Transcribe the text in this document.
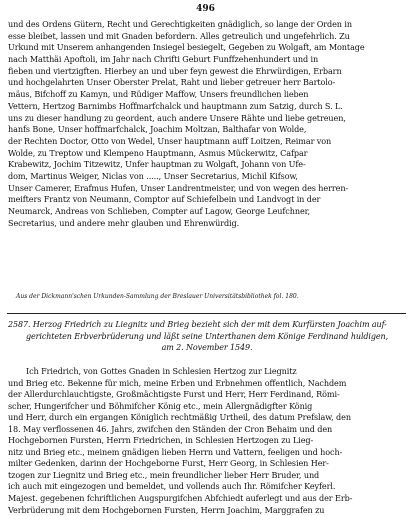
496
und des Ordens Gütern, Recht und Gerechtigkeiten gnädiglich, so lange der Orden in
esse bleibet, lassen und mit Gnaden befordern. Alles getreulich und ungefehrlich. Zu
Urkund mit Unserem anhangenden Insiegel besiegelt, Gegeben zu Wolgaft, am Montage
nach Matthäi Apoftoli, im Jahr nach Chrifti Geburt Funffzehenhundert und in
fieben und viertzigften. Hierbey an und uber feyn gewest die Ehrwürdigen, Erbarn
und hochgelahrten Unser Oberster Prelat, Raht und lieber getreuer herr Bartolo-
mäus, Bifchoff zu Kamyn, und Rüdiger Maffow, Unsers freundlichen lieben
Vettern, Hertzog Barnimbs Hoffmarfchalck und hauptmann zum Satzig, durch S. L.
uns zu dieser handlung zu geordent, auch andere Unsere Rähte und liebe getreuen,
hanfs Bone, Unser hoffmarfchalck, Joachim Moltzan, Balthafar von Wolde,
der Rechten Doctor, Otto von Wedel, Unser hauptmann auff Loitzen, Reimar von
Wolde, zu Treptow und Klempeno Hauptmann, Asmus Mückerwitz, Cafpar
Krabewitz, Jochim Titzewitz, Unfer hauptman zu Wolgaft, Johann von Ufe-
dom, Martinus Weiger, Niclas von ....., Unser Secretarius, Michil Kifsow,
Unser Camerer, Erafmus Hufen, Unser Landrentmeister, und von wegen des herren-
meifters Frantz von Neumann, Comptor auf Schiefelbein und Landvogt in der
Neumarck, Andreas von Schlieben, Compter auf Lagow, George Leufchner,
Secretarius, und andere mehr glauben und Ehrenwürdig.
Aus der Dickmann'schen Urkunden-Sammlung der Breslauer Universitätsbibliothek fol. 180.
2587. Herzog Friedrich zu Liegnitz und Brieg bezieht sich der mit dem Kurfürsten Joachim auf-
gerichteten Erbverbrüderung und läßt seine Unterthanen dem Könige Ferdinand huldigen,
am 2. November 1549.
Ich Friedrich, von Gottes Gnaden in Schlesien Hertzog zur Liegnitz
und Brieg etc. Bekenne für mich, meine Erben und Erbnehmen offentlich, Nachdem
der Allerdurchlauchtigste, Großmächtigste Furst und Herr, Herr Ferdinand, Römi-
scher, Hungerifcher und Böhmifcher König etc., mein Allergnädigfter König
und Herr, durch ein ergangen Königlich rechtmäßig Urtheil, des datum Prefslaw, den
18. May verflossenen 46. Jahrs, zwifchen den Ständen der Cron Behaim und den
Hochgebornen Fursten, Herrn Friedrichen, in Schlesien Hertzogen zu Lieg-
nitz und Brieg etc., meinem gnädigen lieben Herrn und Vattern, feeligen und hoch-
milter Gedenken, darinn der Hochgeborne Furst, Herr Georg, in Schlesien Her-
tzogen zur Liegnitz und Brieg etc., mein freundlicher lieber Herr Bruder, und
ich auch mit eingezogen und bemeldet, und vollends auch Ihr. Römifcher Keyferl.
Majest. gegebenen fchriftlichen Augspurgifchen Abfchiedt auferlegt und aus der Erb-
Verbrüderung mit dem Hochgebornen Fursten, Herrn Joachim, Marggrafen zu
